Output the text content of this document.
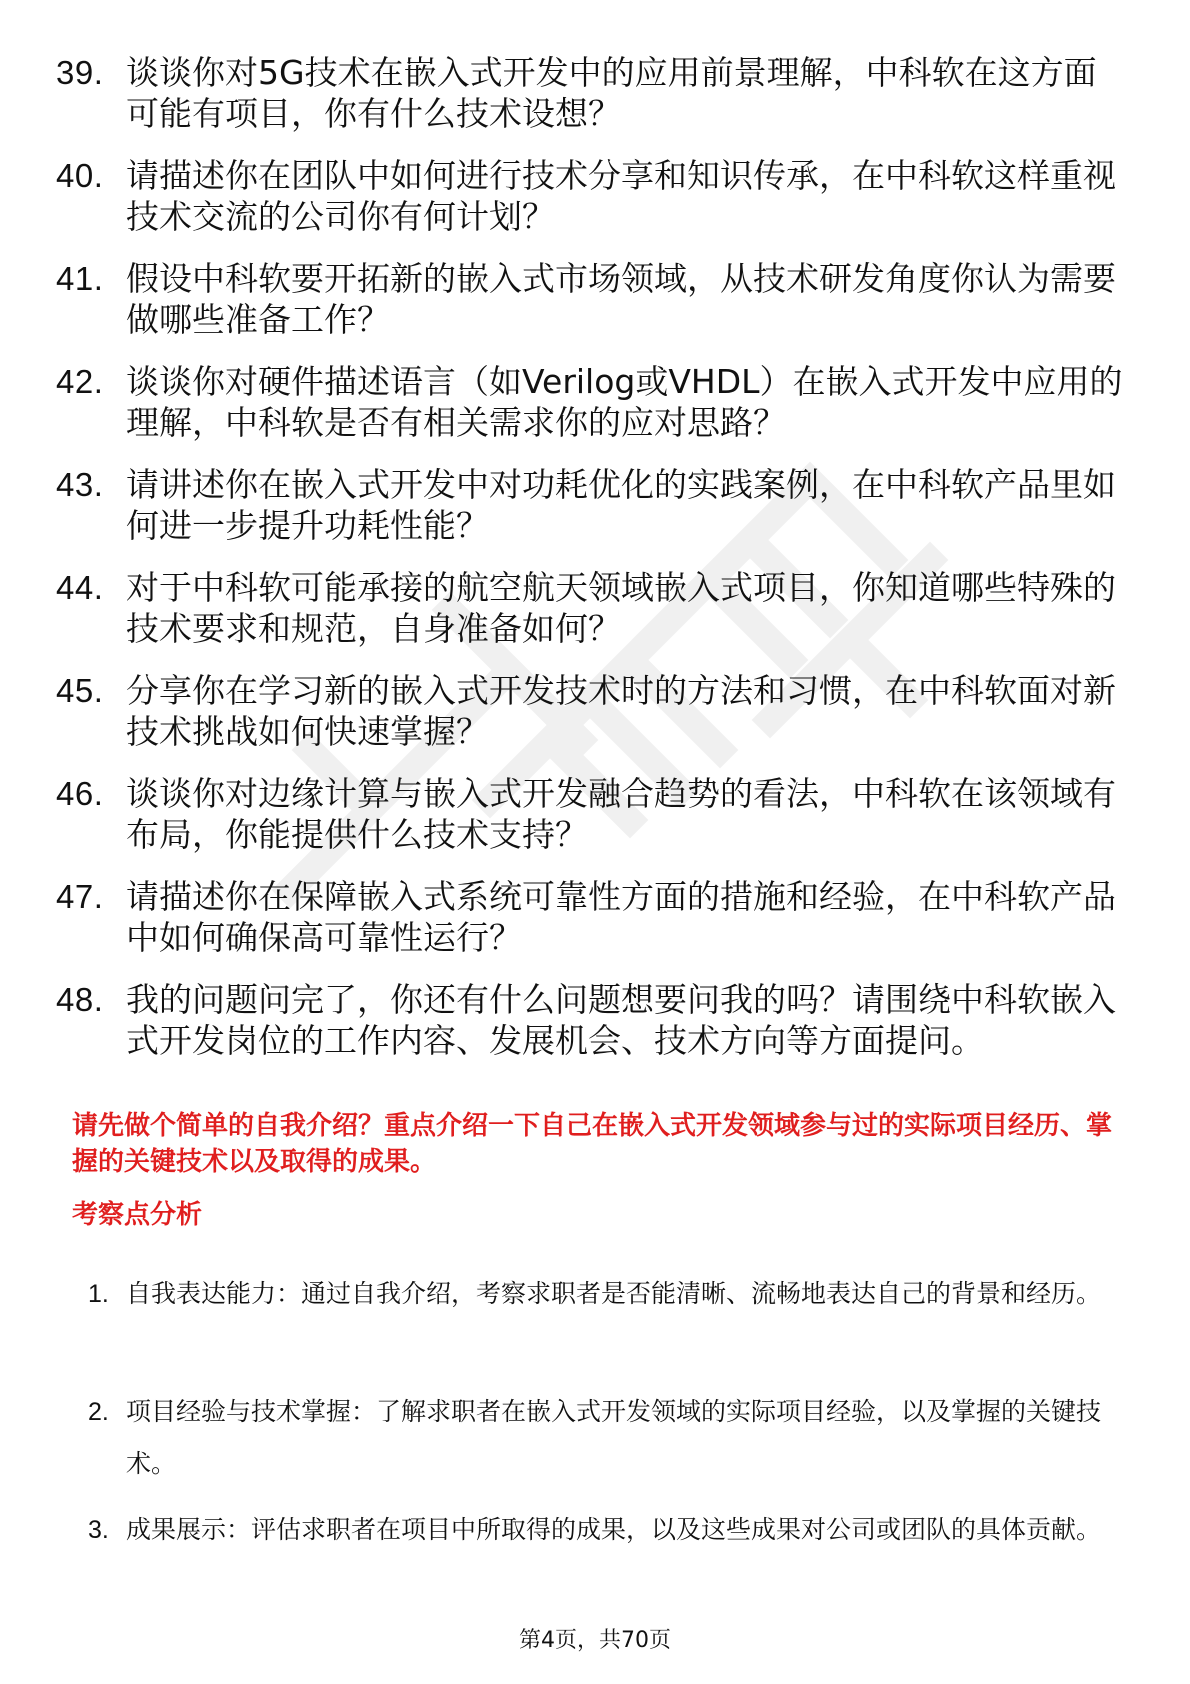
39. 谈谈你对5G技术在嵌入式开发中的应用前景理解，中科软在这方面可能有项目，你有什么技术设想？
40. 请描述你在团队中如何进行技术分享和知识传承，在中科软这样重视技术交流的公司你有何计划？
41. 假设中科软要开拓新的嵌入式市场领域，从技术研发角度你认为需要做哪些准备工作？
42. 谈谈你对硬件描述语言（如Verilog或VHDL）在嵌入式开发中应用的理解，中科软是否有相关需求你的应对思路？
43. 请讲述你在嵌入式开发中对功耗优化的实践案例，在中科软产品里如何进一步提升功耗性能？
44. 对于中科软可能承接的航空航天领域嵌入式项目，你知道哪些特殊的技术要求和规范，自身准备如何？
45. 分享你在学习新的嵌入式开发技术时的方法和习惯，在中科软面对新技术挑战如何快速掌握？
46. 谈谈你对边缘计算与嵌入式开发融合趋势的看法，中科软在该领域有布局，你能提供什么技术支持？
47. 请描述你在保障嵌入式系统可靠性方面的措施和经验，在中科软产品中如何确保高可靠性运行？
48. 我的问题问完了，你还有什么问题想要问我的吗？请围绕中科软嵌入式开发岗位的工作内容、发展机会、技术方向等方面提问。

请先做个简单的自我介绍？重点介绍一下自己在嵌入式开发领域参与过的实际项目经历、掌握的关键技术以及取得的成果。

考察点分析
1. 自我表达能力：通过自我介绍，考察求职者是否能清晰、流畅地表达自己的背景和经历。
2. 项目经验与技术掌握：了解求职者在嵌入式开发领域的实际项目经验，以及掌握的关键技术。
3. 成果展示：评估求职者在项目中所取得的成果，以及这些成果对公司或团队的具体贡献。
第4页，共70页
